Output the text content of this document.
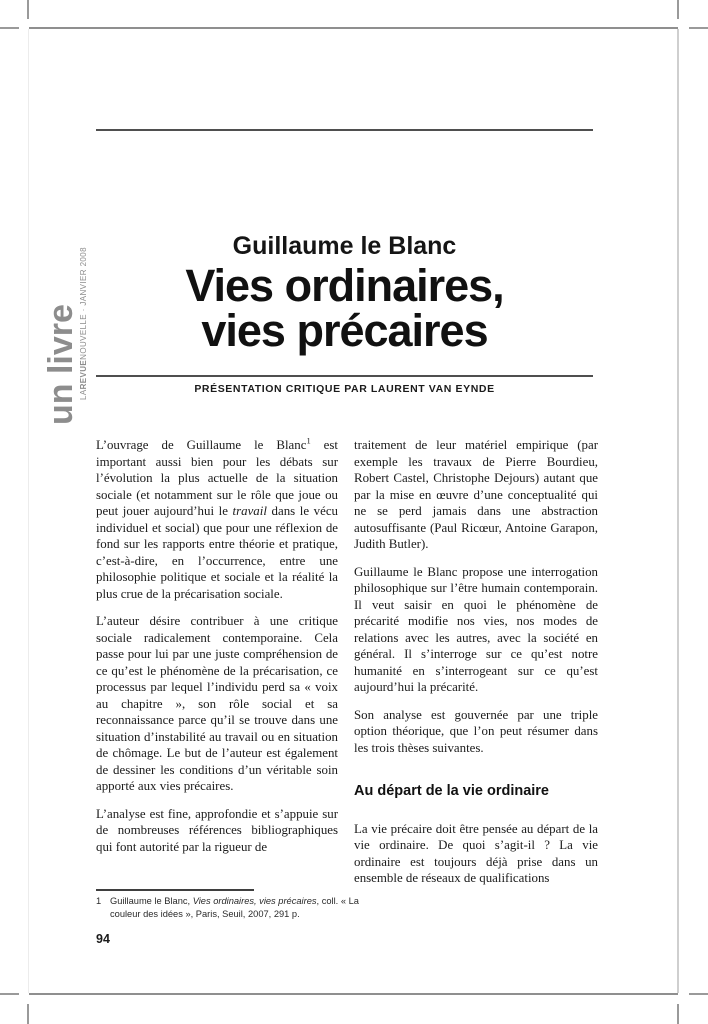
un livre LAREVUENOUVELLE · JANVIER 2008
Guillaume le Blanc
Vies ordinaires,
vies précaires
PRÉSENTATION CRITIQUE PAR LAURENT VAN EYNDE

L’ouvrage de Guillaume le Blanc$^1$ est important aussi bien pour les débats sur l’évolution la plus actuelle de la situation sociale (et notamment sur le rôle que joue ou peut jouer aujourd’hui le travail dans le vécu individuel et social) que pour une réflexion de fond sur les rapports entre théorie et pratique, c’est-à-dire, en l’occurrence, entre une philosophie politique et sociale et la réalité la plus crue de la précarisation sociale.

L’auteur désire contribuer à une critique sociale radicalement contemporaine. Cela passe pour lui par une juste compréhension de ce qu’est le phénomène de la précarisation, ce processus par lequel l’individu perd sa « voix au chapitre », son rôle social et sa reconnaissance parce qu’il se trouve dans une situation d’instabilité au travail ou en situation de chômage. Le but de l’auteur est également de dessiner les conditions d’un véritable soin apporté aux vies précaires.

L’analyse est fine, approfondie et s’appuie sur de nombreuses références bibliographiques qui font autorité par la rigueur de

traitement de leur matériel empirique (par exemple les travaux de Pierre Bourdieu, Robert Castel, Christophe Dejours) autant que par la mise en œuvre d’une conceptualité qui ne se perd jamais dans une abstraction autosuffisante (Paul Ricœur, Antoine Garapon, Judith Butler).

Guillaume le Blanc propose une interrogation philosophique sur l’être humain contemporain. Il veut saisir en quoi le phénomène de précarité modifie nos vies, nos modes de relations avec les autres, avec la société en général. Il s’interroge sur ce qu’est notre humanité en s’interrogeant sur ce qu’est aujourd’hui la précarité.

Son analyse est gouvernée par une triple option théorique, que l’on peut résumer dans les trois thèses suivantes.

Au départ de la vie ordinaire

La vie précaire doit être pensée au départ de la vie ordinaire. De quoi s’agit-il ? La vie ordinaire est toujours déjà prise dans un ensemble de réseaux de qualifications

1 Guillaume le Blanc, Vies ordinaires, vies précaires, coll. « La couleur des idées », Paris, Seuil, 2007, 291 p.
94
